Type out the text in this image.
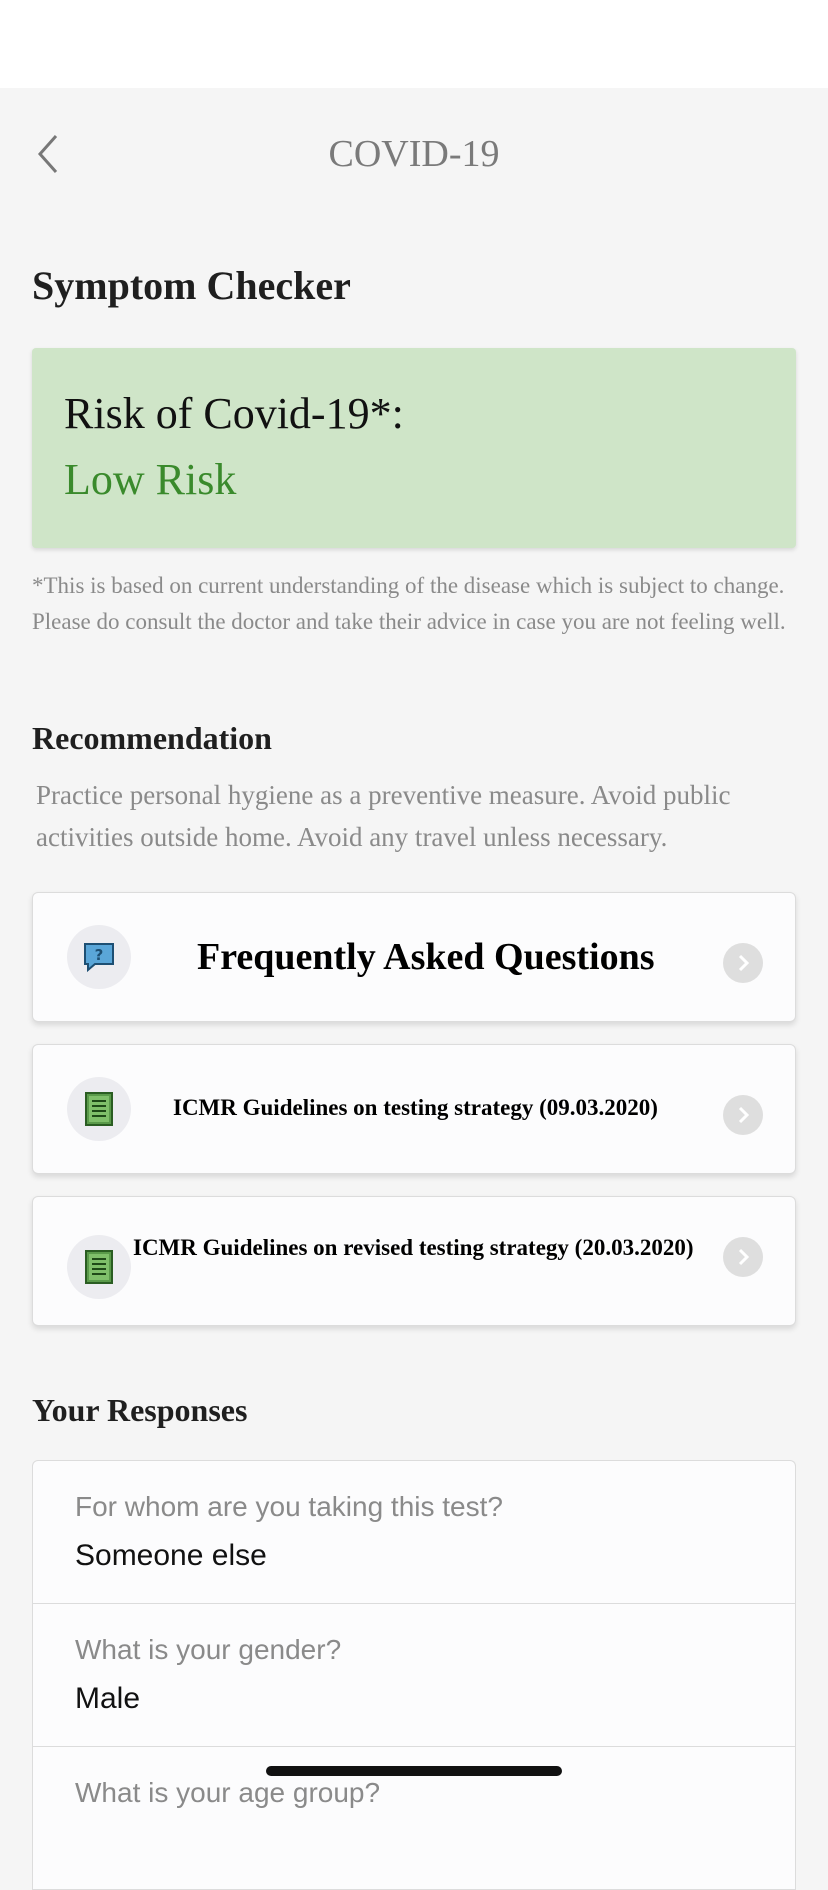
COVID-19
Symptom Checker
Risk of Covid-19*:
Low Risk
*This is based on current understanding of the disease which is subject to change. Please do consult the doctor and take their advice in case you are not feeling well.
Recommendation
Practice personal hygiene as a preventive measure. Avoid public activities outside home. Avoid any travel unless necessary.
? Frequently Asked Questions
ICMR Guidelines on testing strategy (09.03.2020)
ICMR Guidelines on revised testing strategy (20.03.2020)
Your Responses
For whom are you taking this test?
Someone else
What is your gender?
Male
What is your age group?
